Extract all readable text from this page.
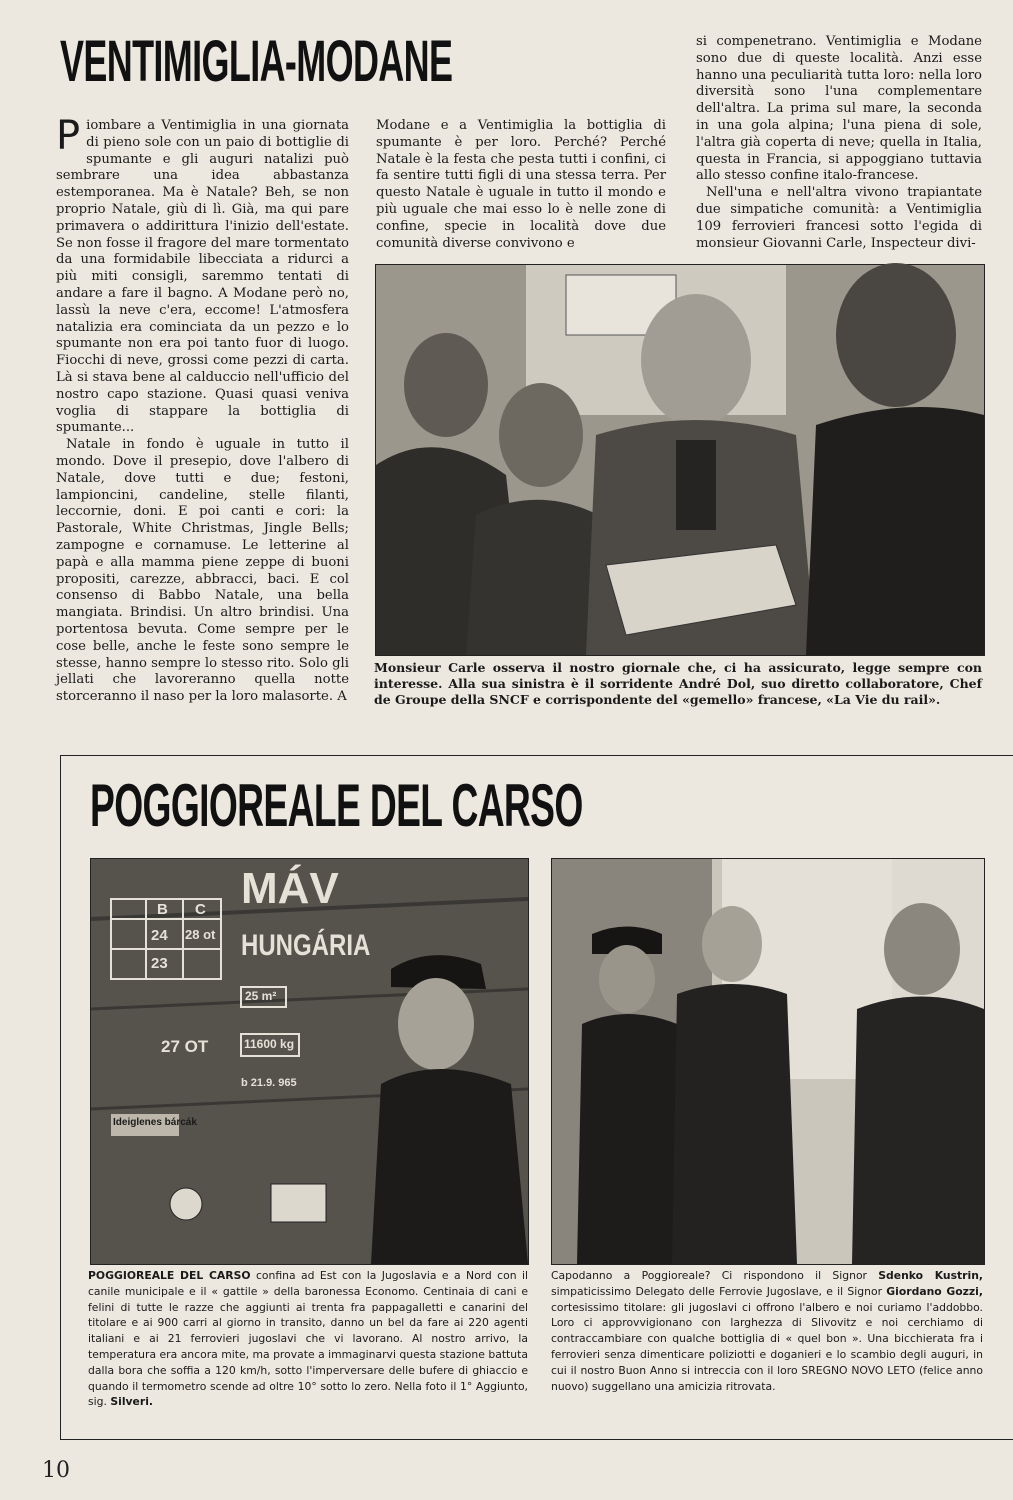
VENTIMIGLIA-MODANE

Piombare a Ventimiglia in una giornata di pieno sole con un paio di bottiglie di spumante e gli auguri natalizi può sembrare una idea abbastanza estemporanea. Ma è Natale? Beh, se non proprio Natale, giù di lì. Già, ma qui pare primavera o addirittura l'inizio dell'estate. Se non fosse il fragore del mare tormentato da una formidabile libecciata a ridurci a più miti consigli, saremmo tentati di andare a fare il bagno. A Modane però no, lassù la neve c'era, eccome! L'atmosfera natalizia era cominciata da un pezzo e lo spumante non era poi tanto fuor di luogo. Fiocchi di neve, grossi come pezzi di carta. Là si stava bene al calduccio nell'ufficio del nostro capo stazione. Quasi quasi veniva voglia di stappare la bottiglia di spumante...

Natale in fondo è uguale in tutto il mondo. Dove il presepio, dove l'albero di Natale, dove tutti e due; festoni, lampioncini, candeline, stelle filanti, leccornie, doni. E poi canti e cori: la Pastorale, White Christmas, Jingle Bells; zampogne e cornamuse. Le letterine al papà e alla mamma piene zeppe di buoni propositi, carezze, abbracci, baci. E col consenso di Babbo Natale, una bella mangiata. Brindisi. Un altro brindisi. Una portentosa bevuta. Come sempre per le cose belle, anche le feste sono sempre le stesse, hanno sempre lo stesso rito. Solo gli jellati che lavoreranno quella notte storceranno il naso per la loro malasorte. A

Modane e a Ventimiglia la bottiglia di spumante è per loro. Perché? Perché Natale è la festa che pesta tutti i confini, ci fa sentire tutti figli di una stessa terra. Per questo Natale è uguale in tutto il mondo e più uguale che mai esso lo è nelle zone di confine, specie in località dove due comunità diverse convivono e

si compenetrano. Ventimiglia e Modane sono due di queste località. Anzi esse hanno una peculiarità tutta loro: nella loro diversità sono l'una complementare dell'altra. La prima sul mare, la seconda in una gola alpina; l'una piena di sole, l'altra già coperta di neve; quella in Italia, questa in Francia, si appoggiano tuttavia allo stesso confine italo-francese.

Nell'una e nell'altra vivono trapiantate due simpatiche comunità: a Ventimiglia 109 ferrovieri francesi sotto l'egida di monsieur Giovanni Carle, Inspecteur divi-

Monsieur Carle osserva il nostro giornale che, ci ha assicurato, legge sempre con interesse. Alla sua sinistra è il sorridente André Dol, suo diretto collaboratore, Chef de Groupe della SNCF e corrispondente del «gemello» francese, «La Vie du rail».
POGGIOREALE DEL CARSO
MÁV
HUNGÁRIA
B C
24 28 ot
23
27 OT
25 m²
11600 kg
b 21.9. 965
Ideiglenes bárcák
POGGIOREALE DEL CARSO confina ad Est con la Jugoslavia e a Nord con il canile municipale e il « gattile » della baronessa Economo. Centinaia di cani e felini di tutte le razze che aggiunti ai trenta fra pappagalletti e canarini del titolare e ai 900 carri al giorno in transito, danno un bel da fare ai 220 agenti italiani e ai 21 ferrovieri jugoslavi che vi lavorano. Al nostro arrivo, la temperatura era ancora mite, ma provate a immaginarvi questa stazione battuta dalla bora che soffia a 120 km/h, sotto l'imperversare delle bufere di ghiaccio e quando il termometro scende ad oltre 10° sotto lo zero. Nella foto il 1° Aggiunto, sig. Silveri.
Capodanno a Poggioreale? Ci rispondono il Signor Sdenko Kustrin, simpaticissimo Delegato delle Ferrovie Jugoslave, e il Signor Giordano Gozzi, cortesissimo titolare: gli jugoslavi ci offrono l'albero e noi curiamo l'addobbo. Loro ci approvvigionano con larghezza di Slivovitz e noi cerchiamo di contraccambiare con qualche bottiglia di « quel bon ». Una bicchierata fra i ferrovieri senza dimenticare poliziotti e doganieri e lo scambio degli auguri, in cui il nostro Buon Anno si intreccia con il loro SREGNO NOVO LETO (felice anno nuovo) suggellano una amicizia ritrovata.
10
